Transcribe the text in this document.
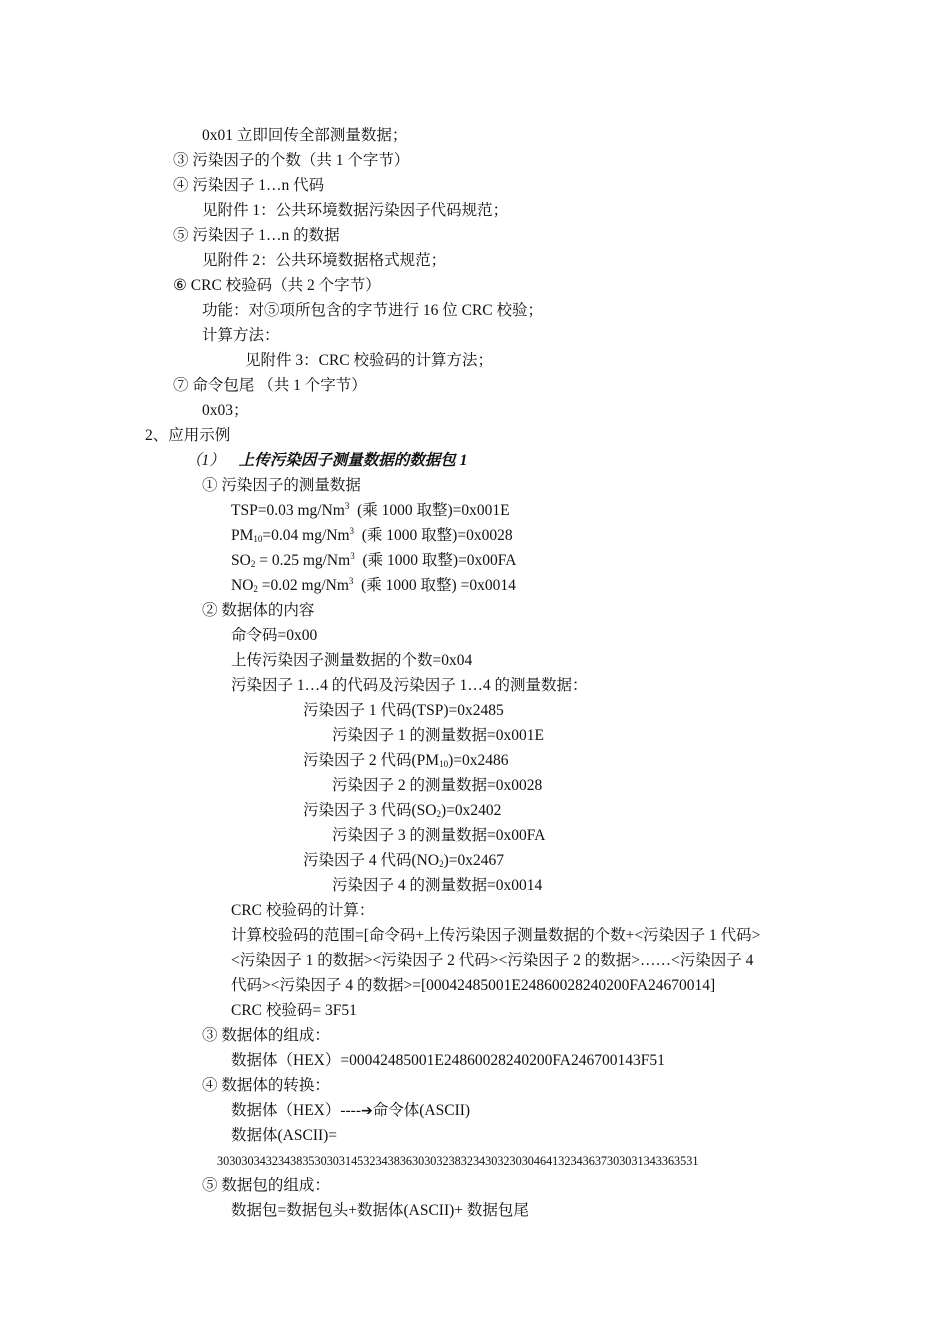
0x01 立即回传全部测量数据；
③ 污染因子的个数（共 1 个字节）
④ 污染因子 1…n 代码
见附件 1：公共环境数据污染因子代码规范；
⑤ 污染因子 1…n 的数据
见附件 2：公共环境数据格式规范；
⑥ CRC 校验码（共 2 个字节）
功能：对⑤项所包含的字节进行 16 位 CRC 校验；
计算方法：
见附件 3：CRC 校验码的计算方法；
⑦ 命令包尾 （共 1 个字节）
0x03；
2、应用示例
（1） 上传污染因子测量数据的数据包 1
① 污染因子的测量数据
TSP=0.03 mg/Nm$^3$  (乘 1000 取整)=0x001E
$PM_{10}=0.04$ mg/Nm$^3$  (乘 1000 取整)=0x0028
$SO_2 = 0.25$ mg/Nm$^3$  (乘 1000 取整)=0x00FA
$NO_2 =0.02$ mg/Nm$^3$  (乘 1000 取整) =0x0014
② 数据体的内容
命令码=0x00
上传污染因子测量数据的个数=0x04
污染因子 1…4 的代码及污染因子 1…4 的测量数据：
污染因子 1 代码(TSP)=0x2485
污染因子 1 的测量数据=0x001E
污染因子 2 代码$(PM_{10})=0x2486$
污染因子 2 的测量数据=0x0028
污染因子 3 代码$(SO_2)=0x2402$
污染因子 3 的测量数据=0x00FA
污染因子 4 代码$(NO_2)=0x2467$
污染因子 4 的测量数据=0x0014
CRC 校验码的计算：
计算校验码的范围=[命令码+上传污染因子测量数据的个数+<污染因子 1 代码>
<污染因子 1 的数据><污染因子 2 代码><污染因子 2 的数据>……<污染因子 4
代码><污染因子 4 的数据>=[00042485001E24860028240200FA24670014]
CRC 校验码= 3F51
③ 数据体的组成：
数据体（HEX）=00042485001E24860028240200FA246700143F51
④ 数据体的转换：
数据体（HEX）----➔命令体(ASCII)
数据体(ASCII)=
3030303432343835303031453234383630303238323430323030464132343637303031343363531
⑤ 数据包的组成：
数据包=数据包头+数据体(ASCII)+ 数据包尾
